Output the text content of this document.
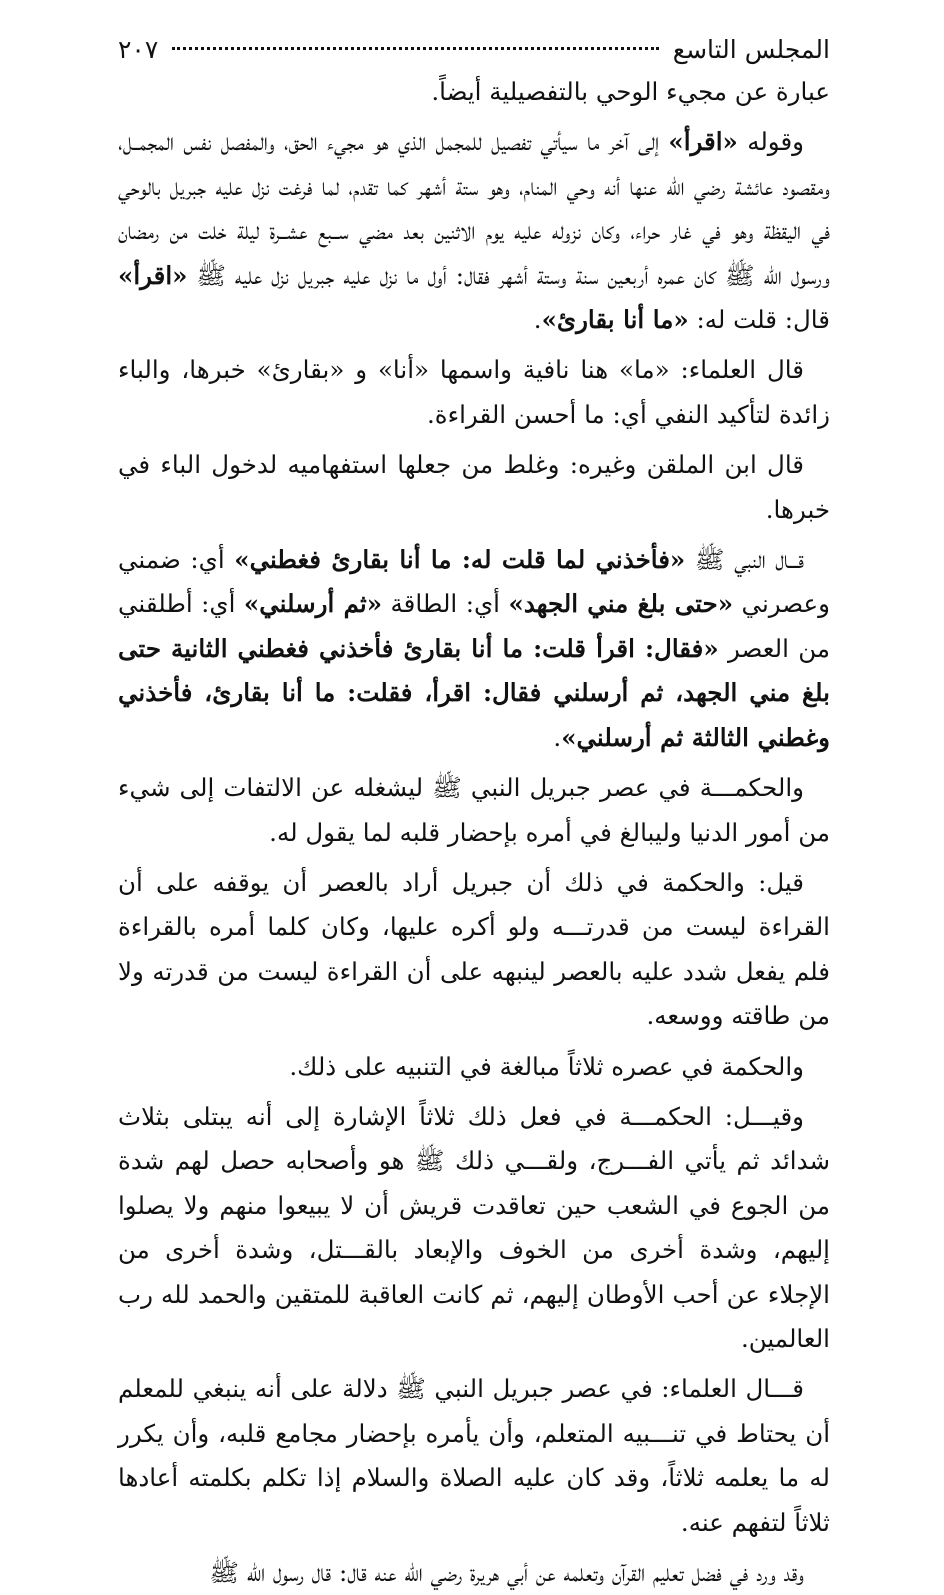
المجلس التاسع
٢٠٧

عبارة عن مجيء الوحي بالتفصيلية أيضاً.

وقوله «اقرأ» إلى آخر ما سيأتي تفصيل للمجمل الذي هو مجيء الحق، والمفصل نفس المجمــل، ومقصود عائشة رضي الله عنها أنه وحي المنام، وهو ستة أشهر كما تقدم، لما فرغت نزل عليه جبريل بالوحي في اليقظة وهو في غار حراء، وكان نزوله عليه يوم الاثنين بعد مضي ســبع عشــرة ليلة خلت من رمضان ورسول الله ﷺ كان عمره أربعين سنة وستة أشهر فقال: أول ما نزل عليه جبريل نزل عليه ﷺ «اقرأ» قال: قلت له: «ما أنا بقارئ».

قال العلماء: «ما» هنا نافية واسمها «أنا» و «بقارئ» خبرها، والباء زائدة لتأكيد النفي أي: ما أحسن القراءة.

قال ابن الملقن وغيره: وغلط من جعلها استفهاميه لدخول الباء في خبرها.

قـــال النبي ﷺ «فأخذني لما قلت له: ما أنا بقارئ فغطني» أي: ضمني وعصرني «حتى بلغ مني الجهد» أي: الطاقة «ثم أرسلني» أي: أطلقني من العصر «فقال: اقرأ قلت: ما أنا بقارئ فأخذني فغطني الثانية حتى بلغ مني الجهد، ثم أرسلني فقال: اقرأ، فقلت: ما أنا بقارئ، فأخذني وغطني الثالثة ثم أرسلني».

والحكمـــة في عصر جبريل النبي ﷺ ليشغله عن الالتفات إلى شيء من أمور الدنيا وليبالغ في أمره بإحضار قلبه لما يقول له.

قيل: والحكمة في ذلك أن جبريل أراد بالعصر أن يوقفه على أن القراءة ليست من قدرتـــه ولو أكره عليها، وكان كلما أمره بالقراءة فلم يفعل شدد عليه بالعصر لينبهه على أن القراءة ليست من قدرته ولا من طاقته ووسعه.

والحكمة في عصره ثلاثاً مبالغة في التنبيه على ذلك.

وقيـــل: الحكمـــة في فعل ذلك ثلاثاً الإشارة إلى أنه يبتلى بثلاث شدائد ثم يأتي الفـــرج، ولقـــي ذلك ﷺ هو وأصحابه حصل لهم شدة من الجوع في الشعب حين تعاقدت قريش أن لا يبيعوا منهم ولا يصلوا إليهم، وشدة أخرى من الخوف والإبعاد بالقـــتل، وشدة أخرى من الإجلاء عن أحب الأوطان إليهم، ثم كانت العاقبة للمتقين والحمد لله رب العالمين.

قـــال العلماء: في عصر جبريل النبي ﷺ دلالة على أنه ينبغي للمعلم أن يحتاط في تنـــبيه المتعلم، وأن يأمره بإحضار مجامع قلبه، وأن يكرر له ما يعلمه ثلاثاً، وقد كان عليه الصلاة والسلام إذا تكلم بكلمته أعادها ثلاثاً لتفهم عنه.

وقد ورد في فضل تعليم القرآن وتعلمه عن أبي هريرة رضي الله عنه قال: قال رسول الله ﷺ
